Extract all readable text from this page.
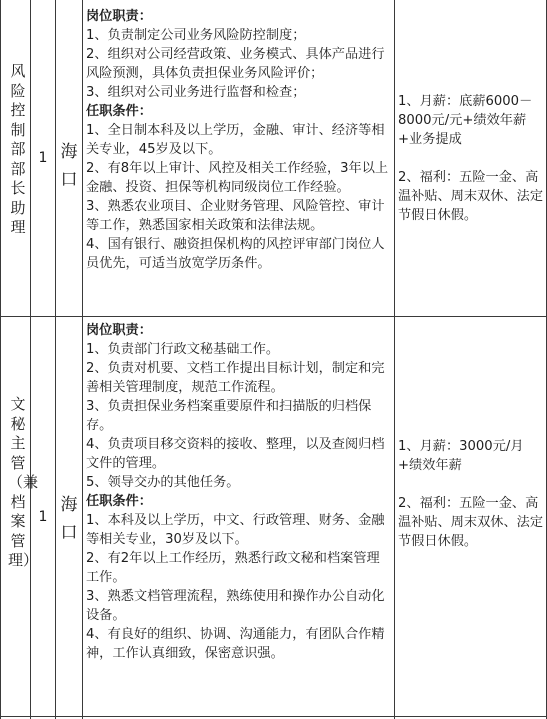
风险控制部部长助理
1 海口
岗位职责：
1、负责制定公司业务风险防控制度；
2、组织对公司经营政策、业务模式、具体产品进行风险预测，具体负责担保业务风险评价；
3、组织对公司业务进行监督和检查；
任职条件：
1、全日制本科及以上学历，金融、审计、经济等相关专业，45岁及以下。
2、有8年以上审计、风控及相关工作经验，3年以上金融、投资、担保等机构同级岗位工作经验。
3、熟悉农业项目、企业财务管理、风险管控、审计等工作，熟悉国家相关政策和法律法规。
4、国有银行、融资担保机构的风控评审部门岗位人员优先，可适当放宽学历条件。
1、月薪：底薪6000－8000元/元+绩效年薪+业务提成
2、福利：五险一金、高温补贴、周末双休、法定节假日休假。
文秘主管（兼档案管理）
1
海口
岗位职责：
1、负责部门行政文秘基础工作。
2、负责对机要、文档工作提出目标计划，制定和完善相关管理制度，规范工作流程。
3、负责担保业务档案重要原件和扫描版的归档保存。
4、负责项目移交资料的接收、整理，以及查阅归档文件的管理。
5、领导交办的其他任务。
任职条件：
1、本科及以上学历，中文、行政管理、财务、金融等相关专业，30岁及以下。
2、有2年以上工作经历，熟悉行政文秘和档案管理工作。
3、熟悉文档管理流程，熟练使用和操作办公自动化设备。
4、有良好的组织、协调、沟通能力，有团队合作精神，工作认真细致，保密意识强。
1、月薪：3000元/月+绩效年薪
2、福利：五险一金、高温补贴、周末双休、法定节假日休假。
